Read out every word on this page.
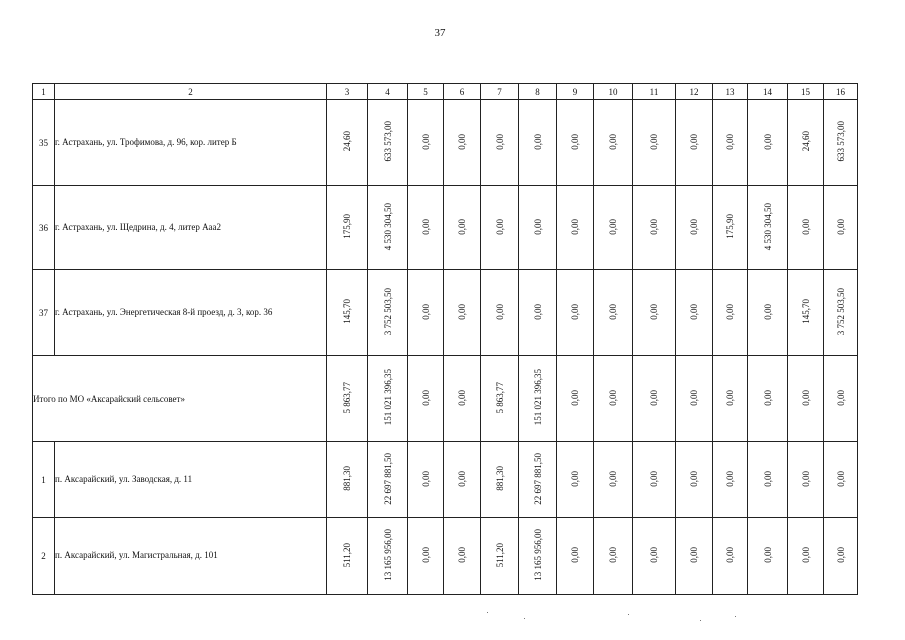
37
1	2	3	4	5	6	7	8	9	10	11	12	13	14	15	16
35	г. Астрахань, ул. Трофимова, д. 96, кор. литер Б	24,60	633 573,00	0,00	0,00	0,00	0,00	0,00	0,00	0,00	0,00	0,00	0,00	24,60	633 573,00
36	г. Астрахань, ул. Щедрина, д. 4, литер Ааа2	175,90	4 530 304,50	0,00	0,00	0,00	0,00	0,00	0,00	0,00	0,00	175,90	4 530 304,50	0,00	0,00
37	г. Астрахань, ул. Энергетическая 8-й проезд, д. 3, кор. 36	145,70	3 752 503,50	0,00	0,00	0,00	0,00	0,00	0,00	0,00	0,00	0,00	0,00	145,70	3 752 503,50
Итого по МО «Аксарайский сельсовет»		5 863,77	151 021 396,35	0,00	0,00	5 863,77	151 021 396,35	0,00	0,00	0,00	0,00	0,00	0,00	0,00	0,00
1	п. Аксарайский, ул. Заводская, д. 11	881,30	22 697 881,50	0,00	0,00	881,30	22 697 881,50	0,00	0,00	0,00	0,00	0,00	0,00	0,00	0,00
2	п. Аксарайский, ул. Магистральная, д. 101	511,20	13 165 956,00	0,00	0,00	511,20	13 165 956,00	0,00	0,00	0,00	0,00	0,00	0,00	0,00	0,00
